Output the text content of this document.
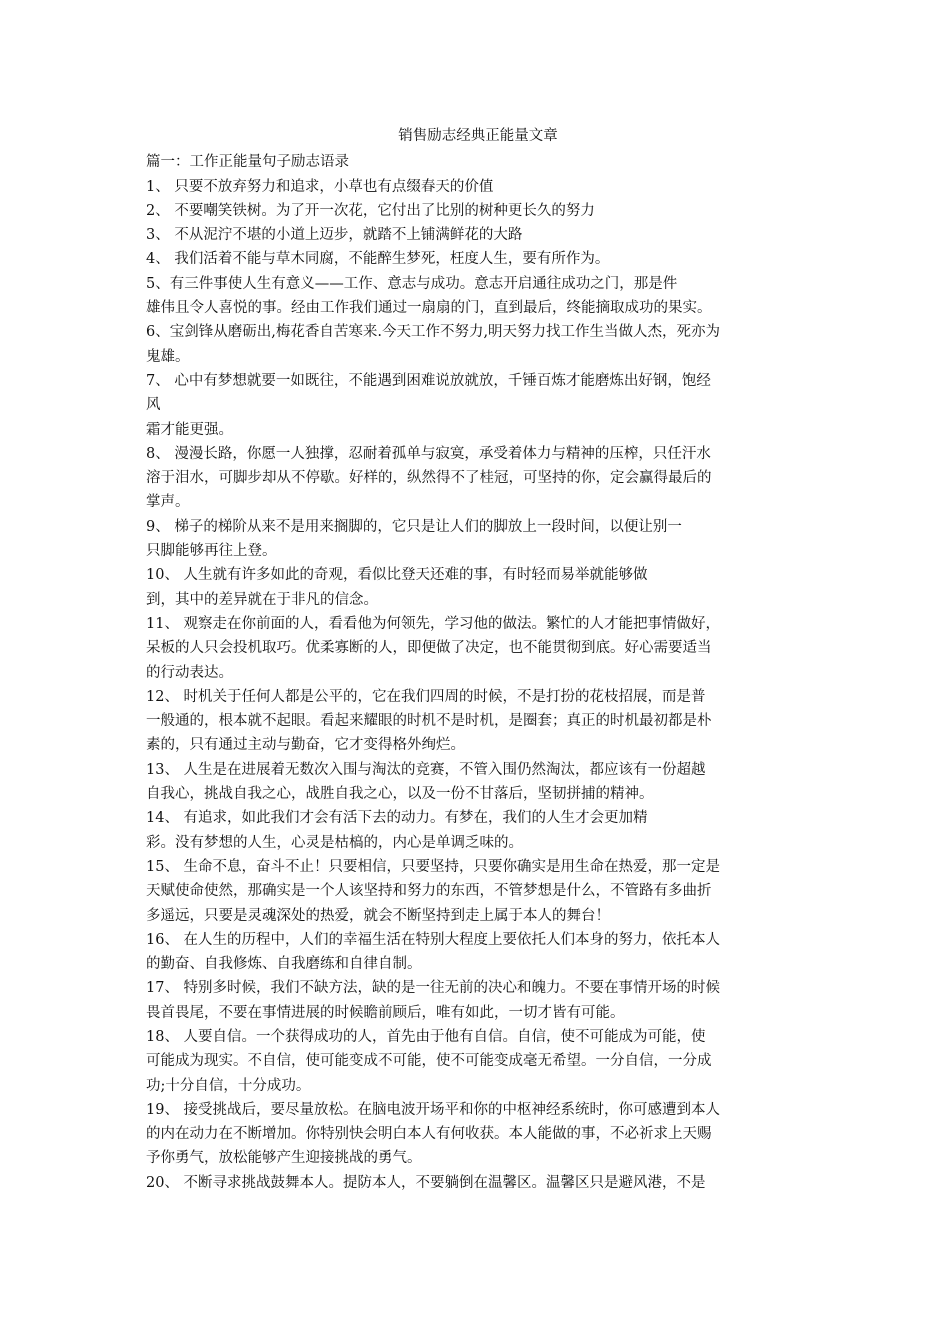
销售励志经典正能量文章
篇一：工作正能量句子励志语录
1、 只要不放弃努力和追求，小草也有点缀春天的价值
2、 不要嘲笑铁树。为了开一次花，它付出了比别的树种更长久的努力
3、 不从泥泞不堪的小道上迈步，就踏不上铺满鲜花的大路
4、 我们活着不能与草木同腐，不能醉生梦死，枉度人生，要有所作为。
5、有三件事使人生有意义——工作、意志与成功。意志开启通往成功之门，那是件
雄伟且令人喜悦的事。经由工作我们通过一扇扇的门，直到最后，终能摘取成功的果实。
6、宝剑锋从磨砺出,梅花香自苦寒来.今天工作不努力,明天努力找工作生当做人杰，死亦为
鬼雄。
7、 心中有梦想就要一如既往，不能遇到困难说放就放，千锤百炼才能磨炼出好钢，饱经
风
霜才能更强。
8、 漫漫长路，你愿一人独撑，忍耐着孤单与寂寞，承受着体力与精神的压榨，只任汗水
溶于泪水，可脚步却从不停歇。好样的，纵然得不了桂冠，可坚持的你，定会赢得最后的
掌声。
9、 梯子的梯阶从来不是用来搁脚的，它只是让人们的脚放上一段时间，以便让别一
只脚能够再往上登。
10、 人生就有许多如此的奇观，看似比登天还难的事，有时轻而易举就能够做
到，其中的差异就在于非凡的信念。
11、 观察走在你前面的人，看看他为何领先，学习他的做法。繁忙的人才能把事情做好，
呆板的人只会投机取巧。优柔寡断的人，即便做了决定，也不能贯彻到底。好心需要适当
的行动表达。
12、 时机关于任何人都是公平的，它在我们四周的时候，不是打扮的花枝招展，而是普
一般通的，根本就不起眼。看起来耀眼的时机不是时机，是圈套；真正的时机最初都是朴
素的，只有通过主动与勤奋，它才变得格外绚烂。
13、 人生是在进展着无数次入围与淘汰的竞赛，不管入围仍然淘汰，都应该有一份超越
自我心，挑战自我之心，战胜自我之心，以及一份不甘落后，坚韧拼捕的精神。
14、 有追求，如此我们才会有活下去的动力。有梦在，我们的人生才会更加精
彩。没有梦想的人生，心灵是枯槁的，内心是单调乏味的。
15、 生命不息，奋斗不止！只要相信，只要坚持，只要你确实是用生命在热爱，那一定是
天赋使命使然，那确实是一个人该坚持和努力的东西，不管梦想是什么，不管路有多曲折
多遥远，只要是灵魂深处的热爱，就会不断坚持到走上属于本人的舞台！
16、 在人生的历程中，人们的幸福生活在特别大程度上要依托人们本身的努力，依托本人
的勤奋、自我修炼、自我磨练和自律自制。
17、 特别多时候，我们不缺方法，缺的是一往无前的决心和魄力。不要在事情开场的时候
畏首畏尾，不要在事情进展的时候瞻前顾后，唯有如此，一切才皆有可能。
18、 人要自信。一个获得成功的人，首先由于他有自信。自信，使不可能成为可能，使
可能成为现实。不自信，使可能变成不可能，使不可能变成毫无希望。一分自信，一分成
功;十分自信，十分成功。
19、 接受挑战后，要尽量放松。在脑电波开场平和你的中枢神经系统时，你可感遭到本人
的内在动力在不断增加。你特别快会明白本人有何收获。本人能做的事，不必祈求上天赐
予你勇气，放松能够产生迎接挑战的勇气。
20、 不断寻求挑战鼓舞本人。提防本人，不要躺倒在温馨区。温馨区只是避风港，不是
